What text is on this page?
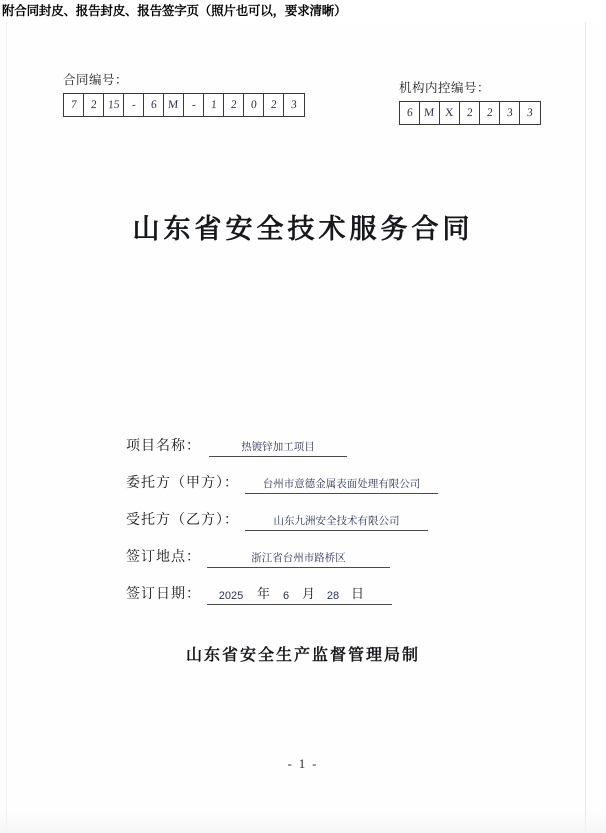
附合同封皮、报告封皮、报告签字页（照片也可以，要求清晰）
合同编号：
7	2 15 -	6 M	-	1	2	0	2	3
机构内控编号：
6 M X	2	2	3	3
山东省安全技术服务合同
项目名称：	热镀锌加工项目
委托方（甲方）：	台州市意德金属表面处理有限公司
受托方（乙方）：	山东九洲安全技术有限公司
签订地点：	浙江省台州市路桥区
签订日期：	2025	年	6 月	28 日
山东省安全生产监督管理局制
- 1 -
